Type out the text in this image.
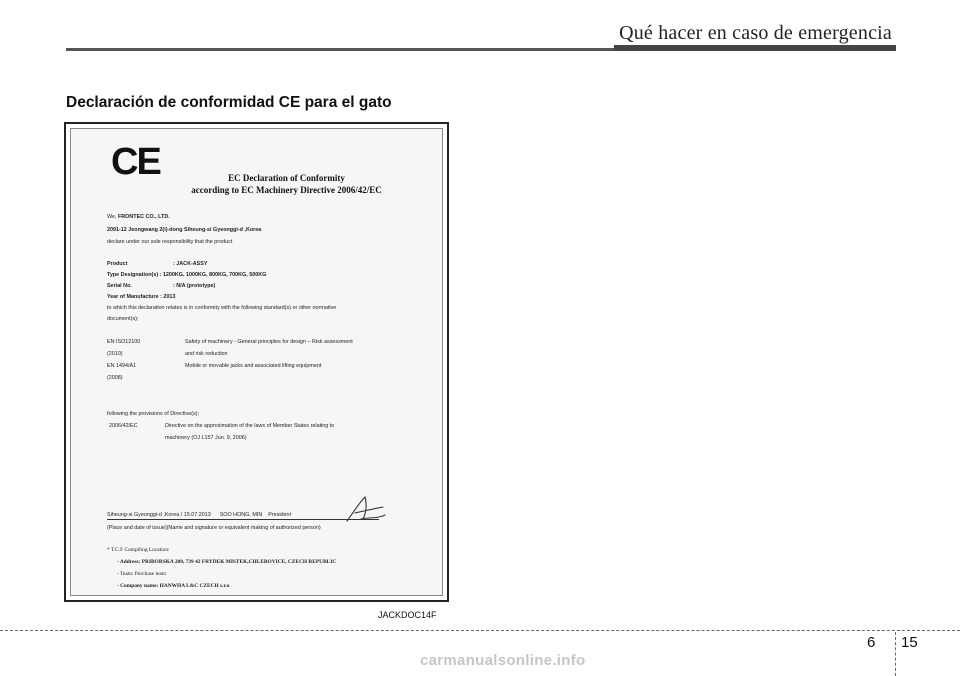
Qué hacer en caso de emergencia
Declaración de conformidad CE para el gato
CE	EC Declaration of Conformity
according to EC Machinery Directive 2006/42/EC
We, FRONTEC CO., LTD.
2091-12 Jeongwang 2(i)-dong Siheung-si Gyeonggi-d ,Korea
declare under our sole responsibility that the product
Product	: JACK-ASSY
Type Designation(s) : 1200KG, 1000KG, 800KG, 700KG, 500KG
Serial No.	: N/A (prototype)
Year of Manufacture : 2013
to which this declaration relates is in conformity with the following standard(s) or other normative
document(s);
EN ISO12100	Safety of machinery - General principles for design – Risk assessment
(2010)	and risk reduction
EN 1494/A1	Mobile or movable jacks and associated lifting equipment
(2008)
following the provisions of Directive(s);
2006/42/EC	Directive on the approximation of the laws of Member States relating to
machinery (OJ L157 Jun. 9, 2006)
Siheung-si Gyeonggi-d ,Korea / 15.07.2013 SOO HONG, MIN President
(Place and date of issue)(Name and signature or equivalent making of authorized person)
* T.C.F Compiling Location:
- Address: PRIBORSKA 280, 739 42 FRYDEK MISTEK,CHLEBOVICE, CZECH REPUBLIC
- Team: Purchase team
- Company name: HANWHA L&C CZECH s.r.o
JACKDOC14F
6 15
carmanualsonline.info
